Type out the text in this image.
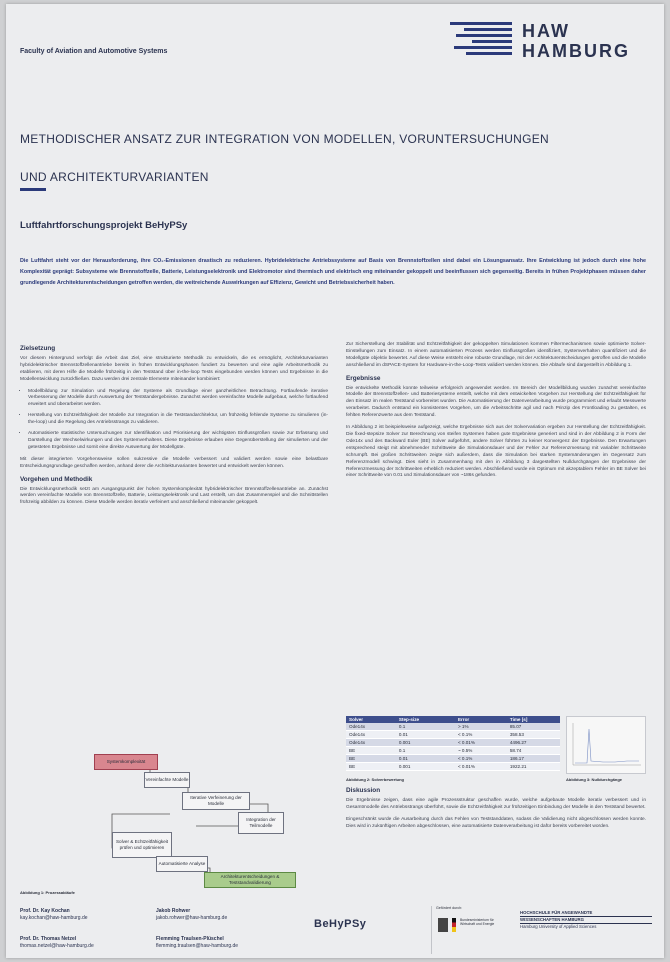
Faculty of Aviation and Automotive Systems
HAW
HAMBURG
METHODISCHER ANSATZ ZUR INTEGRATION VON MODELLEN, VORUNTERSUCHUNGEN
UND ARCHITEKTURVARIANTEN
Luftfahrtforschungsprojekt BeHyPSy
Die Luftfahrt steht vor der Herausforderung, ihre CO₂-Emissionen drastisch zu reduzieren. Hybridelektrische Antriebssysteme auf Basis von Brennstoffzellen sind dabei ein Lösungsansatz. Ihre Entwicklung ist jedoch durch eine hohe Komplexität geprägt: Subsysteme wie Brennstoffzelle, Batterie, Leistungselektronik und Elektromotor sind thermisch und elektrisch eng miteinander gekoppelt und beeinflussen sich gegenseitig. Bereits in frühen Projektphasen müssen daher grundlegende Architekturentscheidungen getroffen werden, die weitreichende Auswirkungen auf Effizienz, Gewicht und Betriebssicherheit haben.
Zielsetzung

Vor diesem Hintergrund verfolgt die Arbeit das Ziel, eine strukturierte Methodik zu entwickeln, die es ermöglicht, Architekturvarianten hybridelektrischer Brennstoffzellenantriebe bereits in frühen Entwicklungsphasen fundiert zu bewerten und eine agile Arbeitsmethodik zu etablieren, mit deren Hilfe die Modelle frühzeitig in den Teststand über in-the-loop Tests eingebunden werden können und Ergebnisse in die Modellentwicklung zurückfließen. Dazu werden drei zentrale Elemente miteinander kombiniert:

• Modellbildung zur Simulation und Regelung der Systeme als Grundlage einer ganzheitlichen Betrachtung. Fortlaufende iterative Verbesserung der Modelle durch Auswertung der Teststandergebnisse. Zunächst werden vereinfachte Modelle aufgebaut, welche fortlaufend erweitert und überarbeitet werden.
• Herstellung von Echtzeitfähigkeit der Modelle zur Integration in die Teststandarchitektur, um frühzeitig fehlende Systeme zu simulieren (in-the-loop) und die Regelung des Antriebsstrangs zu validieren.
• Automatisierte statistische Untersuchungen zur Identifikation und Priorisierung der wichtigsten Einflussgrößen sowie zur Erfassung und Darstellung der Wechselwirkungen und des Systemverhaltens. Diese Ergebnisse erlauben eine Gegenüberstellung der simulierten und der getesteten Ergebnisse und somit eine direkte Auswertung der Modellgüte.

Mit dieser integrierten Vorgehensweise sollen sukzessive die Modelle verbessert und validiert werden sowie eine belastbare Entscheidungsgrundlage geschaffen werden, anhand derer die Architekturvarianten bewertet und entwickelt werden können.

Vorgehen und Methodik

Die Entwicklungsmethodik setzt am Ausgangspunkt der hohen Systemkomplexität hybridelektrischer Brennstoffzellenantriebe an. Zunächst werden vereinfachte Modelle von Brennstoffzelle, Batterie, Leistungselektronik und Last erstellt, um das Zusammenspiel und die Schnittstellen frühzeitig abbilden zu können. Diese Modelle werden iterativ verfeinert und anschließend miteinander gekoppelt.

Systemkomplexität
Vereinfachte Modelle
Iterative Verfeinerung der Modelle
Integration der Teilmodelle
Solver & Echtzeitfähigkeit prüfen und optimieren
Automatisierte Analyse
Architekturentscheidungen & Teststandvalidierung
Abbildung 1: Prozessabläufe

Zur Sicherstellung der Stabilität und Echtzeitfähigkeit der gekoppelten Simulationen kommen Filtermechanismen sowie optimierte Solver-Einstellungen zum Einsatz. In einem automatisierten Prozess werden Einflussgrößen identifiziert, Systemverhalten quantifiziert und die Modellgüte objektiv bewertet. Auf diese Weise entsteht eine robuste Grundlage, mit der Architekturentscheidungen getroffen und die Modelle anschließend im dSPACE-System für Hardware-in-the-Loop-Tests validiert werden können. Die Abläufe sind dargestellt in Abbildung 1.

Ergebnisse

Die entwickelte Methodik konnte teilweise erfolgreich angewendet werden. Im Bereich der Modellbildung wurden zunächst vereinfachte Modelle der Brennstoffzellen- und Batteriesysteme erstellt, welche mit dem entwickelten Vorgehen zur Herstellung der Echtzeitfähigkeit für den Einsatz im realen Teststand vorbereitet wurden. Die Automatisierung der Datenverarbeitung wurde programmiert und erlaubt Messwerte verarbeitet. Dadurch entstand ein konsistentes Vorgehen, um die Arbeitsschritte agil und nach Prinzip des Frontloading zu gestalten, es fehlten Referenzwerte aus dem Teststand.

In Abbildung 2 ist beispielsweise aufgezeigt, welche Ergebnisse sich aus der Solvervariation ergeben zur Herstellung der Echtzeitfähigkeit. Die fixed-stepsize Solver zur Berechnung von steifen Systemen haben gute Ergebnisse generiert und sind in der Abbildung 2 in Form der Ode14x und des Backward Euler (BE) Solver aufgeführt, andere Solver führten zu keiner Konvergenz der Ergebnisse. Den Erwartungen entsprechend steigt mit abnehmender Schrittweite die Simulationsdauer und der Fehler zur Referenzmessung mit variabler Schrittweite schrumpft. Bei großen Schrittweiten zeigte sich außerdem, dass die Simulation bei starken Systemänderungen im Gegensatz zum Referenzmodell schwingt. Dies sieht in Zusammenhang mit den in Abbildung 3 dargestellten Nulldurchgängen der Ergebnisse der Referenzmessung der Schrittweiten erheblich reduziert werden. Abschließend wurde ein Optimum mit akzeptablem Fehler im BE Solver bei einer Schrittweite von 0.01 und Simulationsdauer von ~186s gefunden.

Solver	Step-size	Error	Time [s]
Ode14x	0.1	> 1%	85.07
Ode14x	0.01	< 0.1%	358.53
Ode14x	0.001	< 0.01%	4496.27
BE	0.1	~ 0.5%	58.74
BE	0.01	< 0.1%	186.17
BE	0.001	< 0.01%	1922.21
Abbildung 2: Solverbewertung	Abbildung 3: Nulldurchgänge
Diskussion

Die Ergebnisse zeigen, dass eine agile Prozessstruktur geschaffen wurde, welche aufgebaute Modelle iterativ verbessert und in Gesamtmodelle des Antriebsstrangs überführt, sowie die Echtzeitfähigkeit zur frühzeitigen Einbindung der Modelle in den Teststand bewertet.

Eingeschränkt wurde die Ausarbeitung durch das Fehlen von Teststanddaten, sodass die Validierung nicht abgeschlossen werden konnte. Dies wird in zukünftigen Arbeiten abgeschlossen, eine automatisierte Datenverarbeitung ist dafür bereits vorbereitet worden.

Prof. Dr. Kay Kochan
kay.kochan@haw-hamburg.de
Jakob Rohwer
jakob.rohwer@haw-hamburg.de
Prof. Dr. Thomas Netzel
thomas.netzel@haw-hamburg.de
Flemming Traulsen-Plüschel
flemming.traulsen@haw-hamburg.de
BeHyPSy
Gefördert durch:
Bundesministerium für Wirtschaft und Energie
HOCHSCHULE FÜR ANGEWANDTE
WISSENSCHAFTEN HAMBURG
Hamburg University of Applied Sciences
